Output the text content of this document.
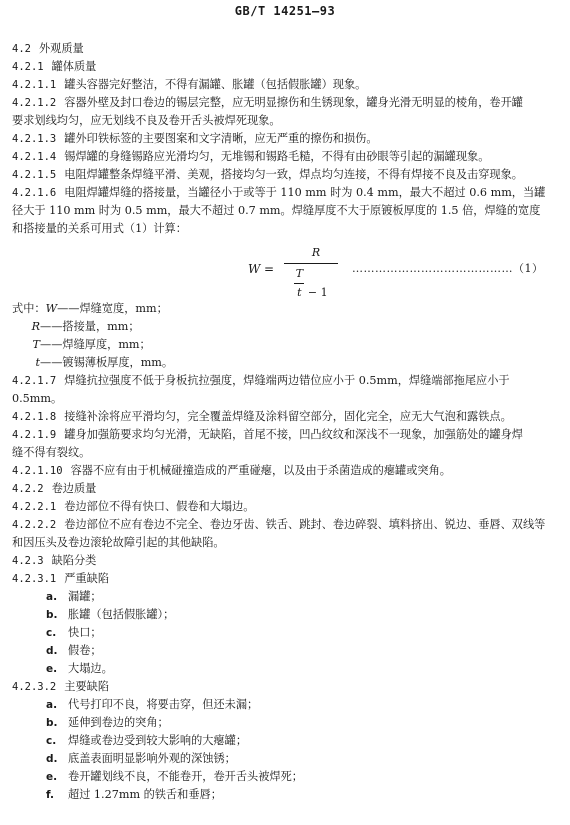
GB/T 14251—93
4.2 外观质量
4.2.1 罐体质量
4.2.1.1 罐头容器完好整洁，不得有漏罐、胀罐（包括假胀罐）现象。
4.2.1.2 容器外壁及封口卷边的锡层完整，应无明显擦伤和生锈现象，罐身光滑无明显的棱角，卷开罐
要求划线均匀，应无划线不良及卷开舌头被焊死现象。
4.2.1.3 罐外印铁标签的主要图案和文字清晰，应无严重的擦伤和损伤。
4.2.1.4 锡焊罐的身缝锡路应光滑均匀，无堆锡和锡路毛糙，不得有由砂眼等引起的漏罐现象。
4.2.1.5 电阻焊罐整条焊缝平滑、美观，搭接均匀一致，焊点均匀连接，不得有焊接不良及击穿现象。
4.2.1.6 电阻焊罐焊缝的搭接量，当罐径小于或等于 110 mm 时为 0.4 mm，最大不超过 0.6 mm，当罐
径大于 110 mm 时为 0.5 mm，最大不超过 0.7 mm。焊缝厚度不大于原镀板厚度的 1.5 倍，焊缝的宽度
和搭接量的关系可用式（1）计算：
W =
R
$\frac{T}{t} - 1$
……………………………………（1）
式中：W——焊缝宽度，mm；
R——搭接量，mm；
T——焊缝厚度，mm；
t——镀锡薄板厚度，mm。
4.2.1.7 焊缝抗拉强度不低于身板抗拉强度，焊缝端两边错位应小于 0.5mm，焊缝端部拖尾应小于
0.5mm。
4.2.1.8 接缝补涂将应平滑均匀，完全覆盖焊缝及涂料留空部分，固化完全，应无大气泡和露铁点。
4.2.1.9 罐身加强筋要求均匀光滑，无缺陷，首尾不接，凹凸纹纹和深浅不一现象，加强筋处的罐身焊
缝不得有裂纹。
4.2.1.10 容器不应有由于机械碰撞造成的严重碰瘪，以及由于杀菌造成的瘪罐或突角。
4.2.2 卷边质量
4.2.2.1 卷边部位不得有快口、假卷和大塌边。
4.2.2.2 卷边部位不应有卷边不完全、卷边牙齿、铁舌、跳封、卷边碎裂、填料挤出、锐边、垂唇、双线等
和因压头及卷边滚轮故障引起的其他缺陷。
4.2.3 缺陷分类
4.2.3.1 严重缺陷
a. 漏罐；
b. 胀罐（包括假胀罐）；
c. 快口；
d. 假卷；
e. 大塌边。
4.2.3.2 主要缺陷
a. 代号打印不良，将要击穿，但还未漏；
b. 延伸到卷边的突角；
c. 焊缝或卷边受到较大影响的大瘪罐；
d. 底盖表面明显影响外观的深蚀锈；
e. 卷开罐划线不良，不能卷开，卷开舌头被焊死；
f. 超过 1.27mm 的铁舌和垂唇；
